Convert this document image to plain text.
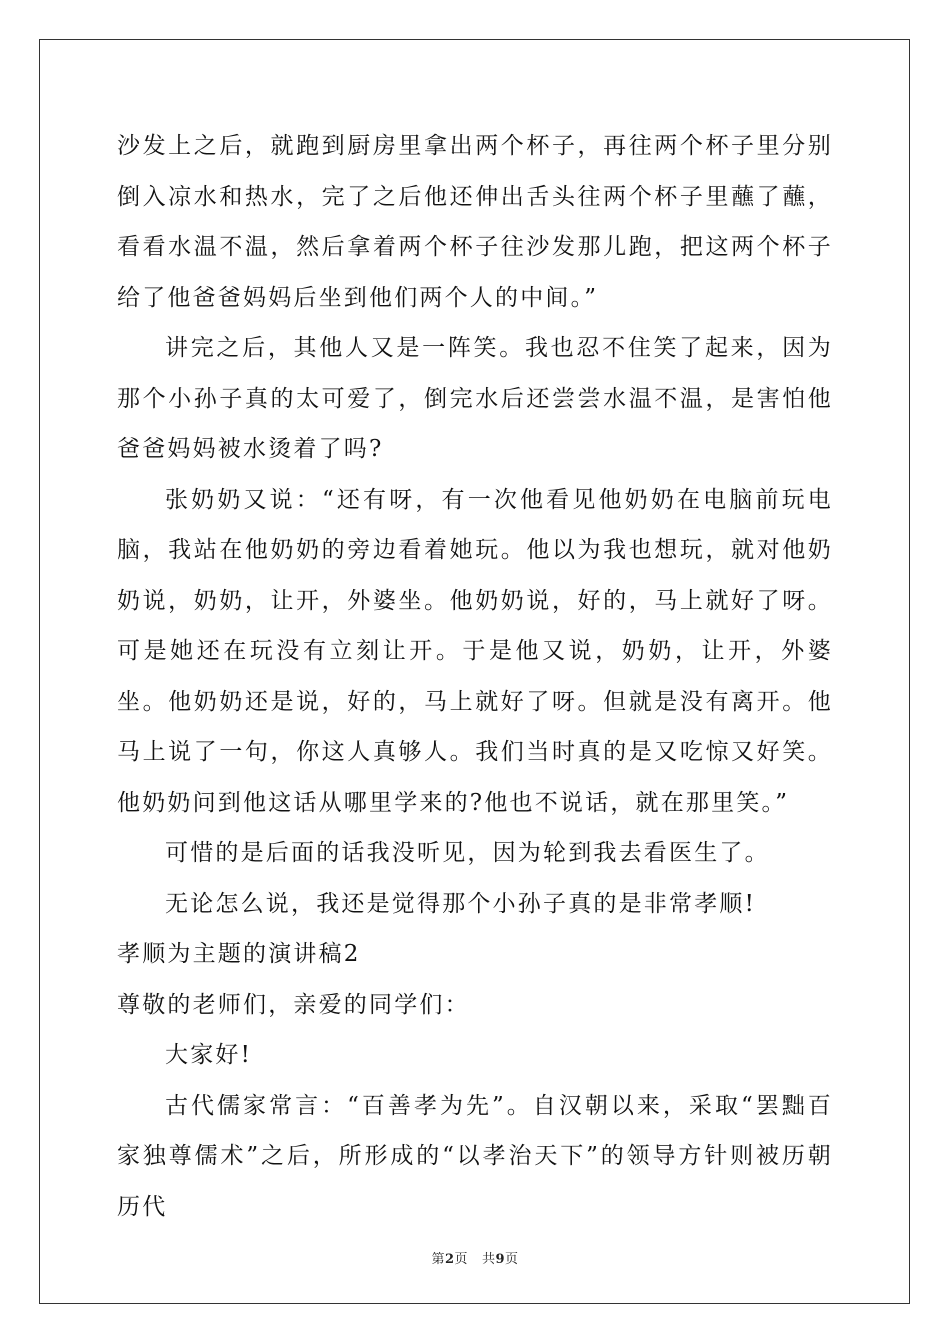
沙发上之后，就跑到厨房里拿出两个杯子，再往两个杯子里分别倒入凉水和热水，完了之后他还伸出舌头往两个杯子里蘸了蘸，看看水温不温，然后拿着两个杯子往沙发那儿跑，把这两个杯子给了他爸爸妈妈后坐到他们两个人的中间。”

讲完之后，其他人又是一阵笑。我也忍不住笑了起来，因为那个小孙子真的太可爱了，倒完水后还尝尝水温不温，是害怕他爸爸妈妈被水烫着了吗?

张奶奶又说：“还有呀，有一次他看见他奶奶在电脑前玩电脑，我站在他奶奶的旁边看着她玩。他以为我也想玩，就对他奶奶说，奶奶，让开，外婆坐。他奶奶说，好的，马上就好了呀。可是她还在玩没有立刻让开。于是他又说，奶奶，让开，外婆坐。他奶奶还是说，好的，马上就好了呀。但就是没有离开。他马上说了一句，你这人真够人。我们当时真的是又吃惊又好笑。他奶奶问到他这话从哪里学来的?他也不说话，就在那里笑。”

可惜的是后面的话我没听见，因为轮到我去看医生了。

无论怎么说，我还是觉得那个小孙子真的是非常孝顺!

孝顺为主题的演讲稿2

尊敬的老师们，亲爱的同学们：

大家好!

古代儒家常言：“百善孝为先”。自汉朝以来，采取“罢黜百家独尊儒术”之后，所形成的“以孝治天下”的领导方针则被历朝历代

第2页 共9页
